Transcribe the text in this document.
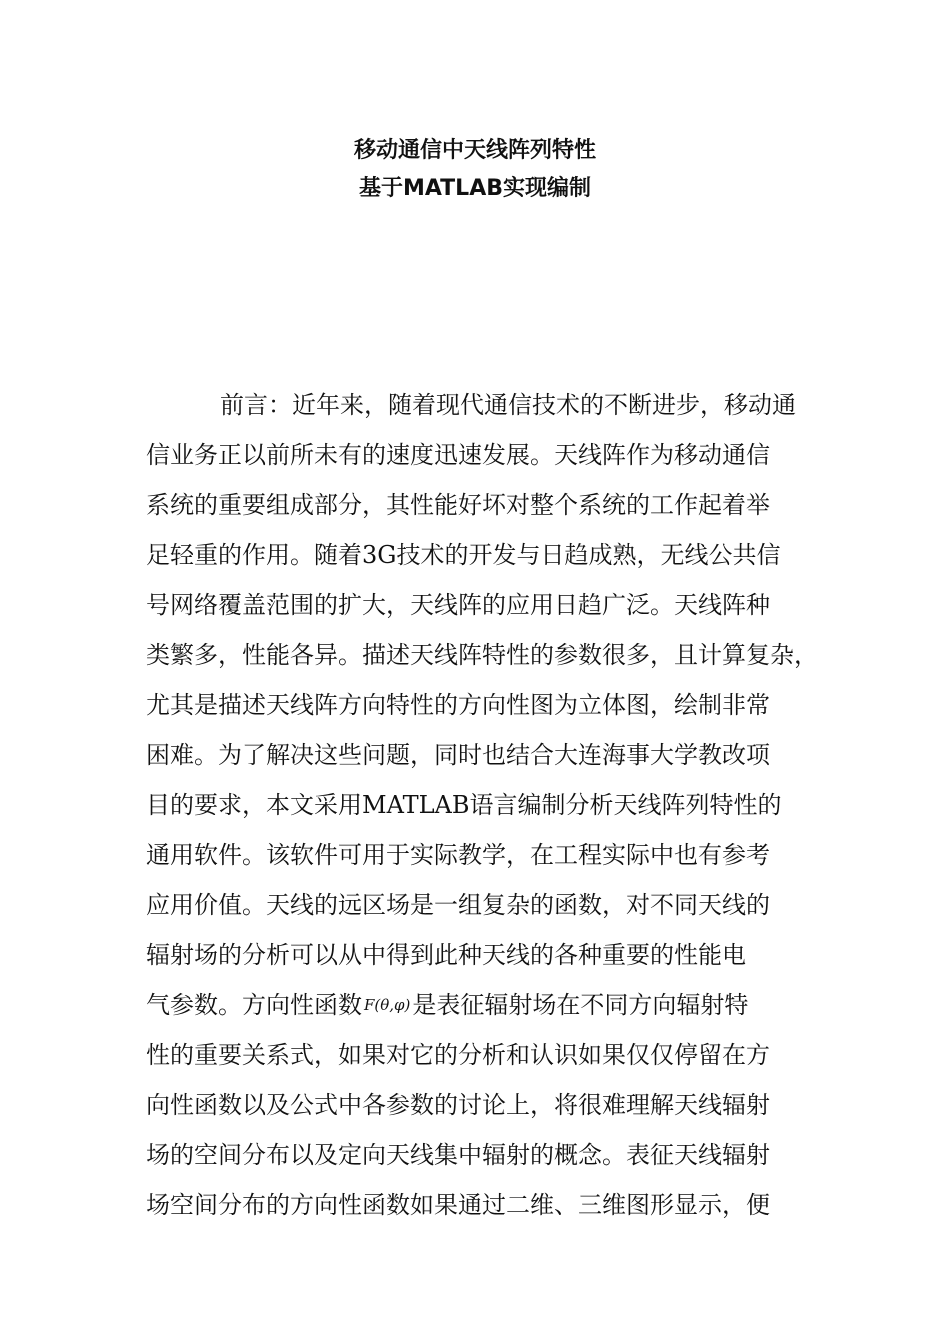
移动通信中天线阵列特性
基于MATLAB实现编制
前言：近年来，随着现代通信技术的不断进步，移动通
信业务正以前所未有的速度迅速发展。天线阵作为移动通信
系统的重要组成部分，其性能好坏对整个系统的工作起着举
足轻重的作用。随着3G技术的开发与日趋成熟，无线公共信
号网络覆盖范围的扩大，天线阵的应用日趋广泛。天线阵种
类繁多，性能各异。描述天线阵特性的参数很多，且计算复杂，
尤其是描述天线阵方向特性的方向性图为立体图，绘制非常
困难。为了解决这些问题，同时也结合大连海事大学教改项
目的要求，本文采用MATLAB语言编制分析天线阵列特性的
通用软件。该软件可用于实际教学，在工程实际中也有参考
应用价值。天线的远区场是一组复杂的函数，对不同天线的
辐射场的分析可以从中得到此种天线的各种重要的性能电
气参数。方向性函数 F(θ,φ)是表征辐射场在不同方向辐射特
性的重要关系式，如果对它的分析和认识如果仅仅停留在方
向性函数以及公式中各参数的讨论上，将很难理解天线辐射
场的空间分布以及定向天线集中辐射的概念。表征天线辐射
场空间分布的方向性函数如果通过二维、三维图形显示，便
